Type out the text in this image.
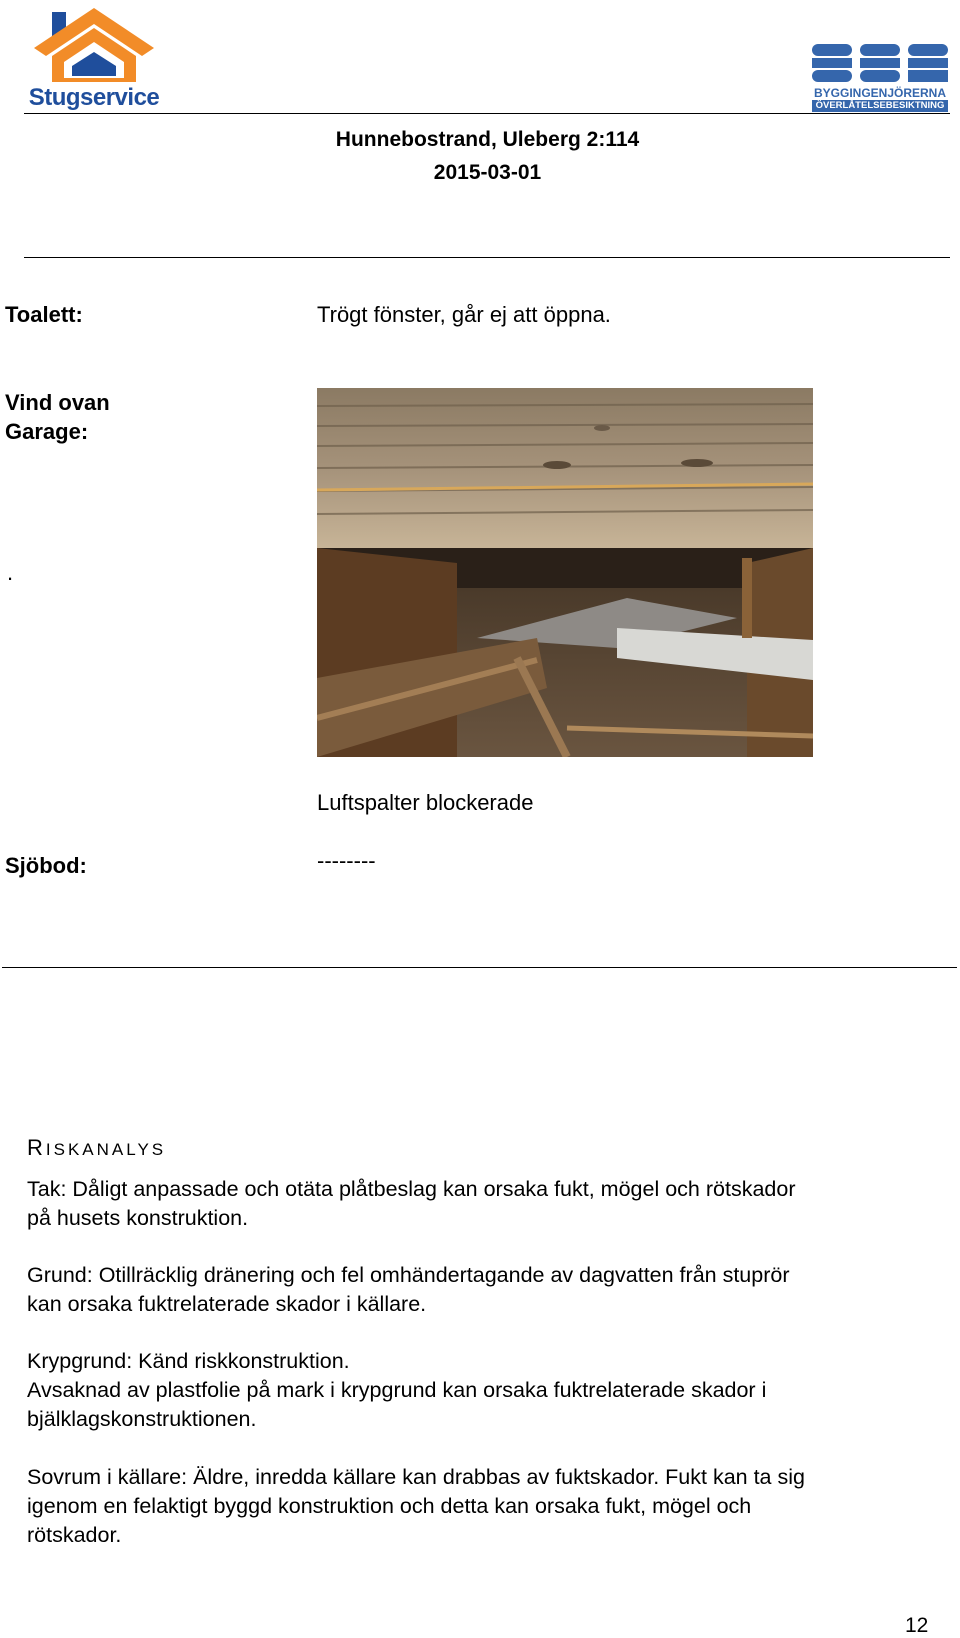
Stugservice	BYGGINGENJÖRERNA
ÖVERLÅTELSEBESIKTNING
Hunnebostrand, Uleberg 2:114
2015-03-01
Toalett:	Trögt fönster, går ej att öppna.
Vind ovan
Garage:
.
Luftspalter blockerade
Sjöbod:	--------
RISKANALYS
Tak: Dåligt anpassade och otäta plåtbeslag kan orsaka fukt, mögel och rötskador
på husets konstruktion.
Grund: Otillräcklig dränering och fel omhändertagande av dagvatten från stuprör
kan orsaka fuktrelaterade skador i källare.
Krypgrund: Känd riskkonstruktion.
Avsaknad av plastfolie på mark i krypgrund kan orsaka fuktrelaterade skador i
bjälklagskonstruktionen.
Sovrum i källare: Äldre, inredda källare kan drabbas av fuktskador. Fukt kan ta sig
igenom en felaktigt byggd konstruktion och detta kan orsaka fukt, mögel och
rötskador.
12
